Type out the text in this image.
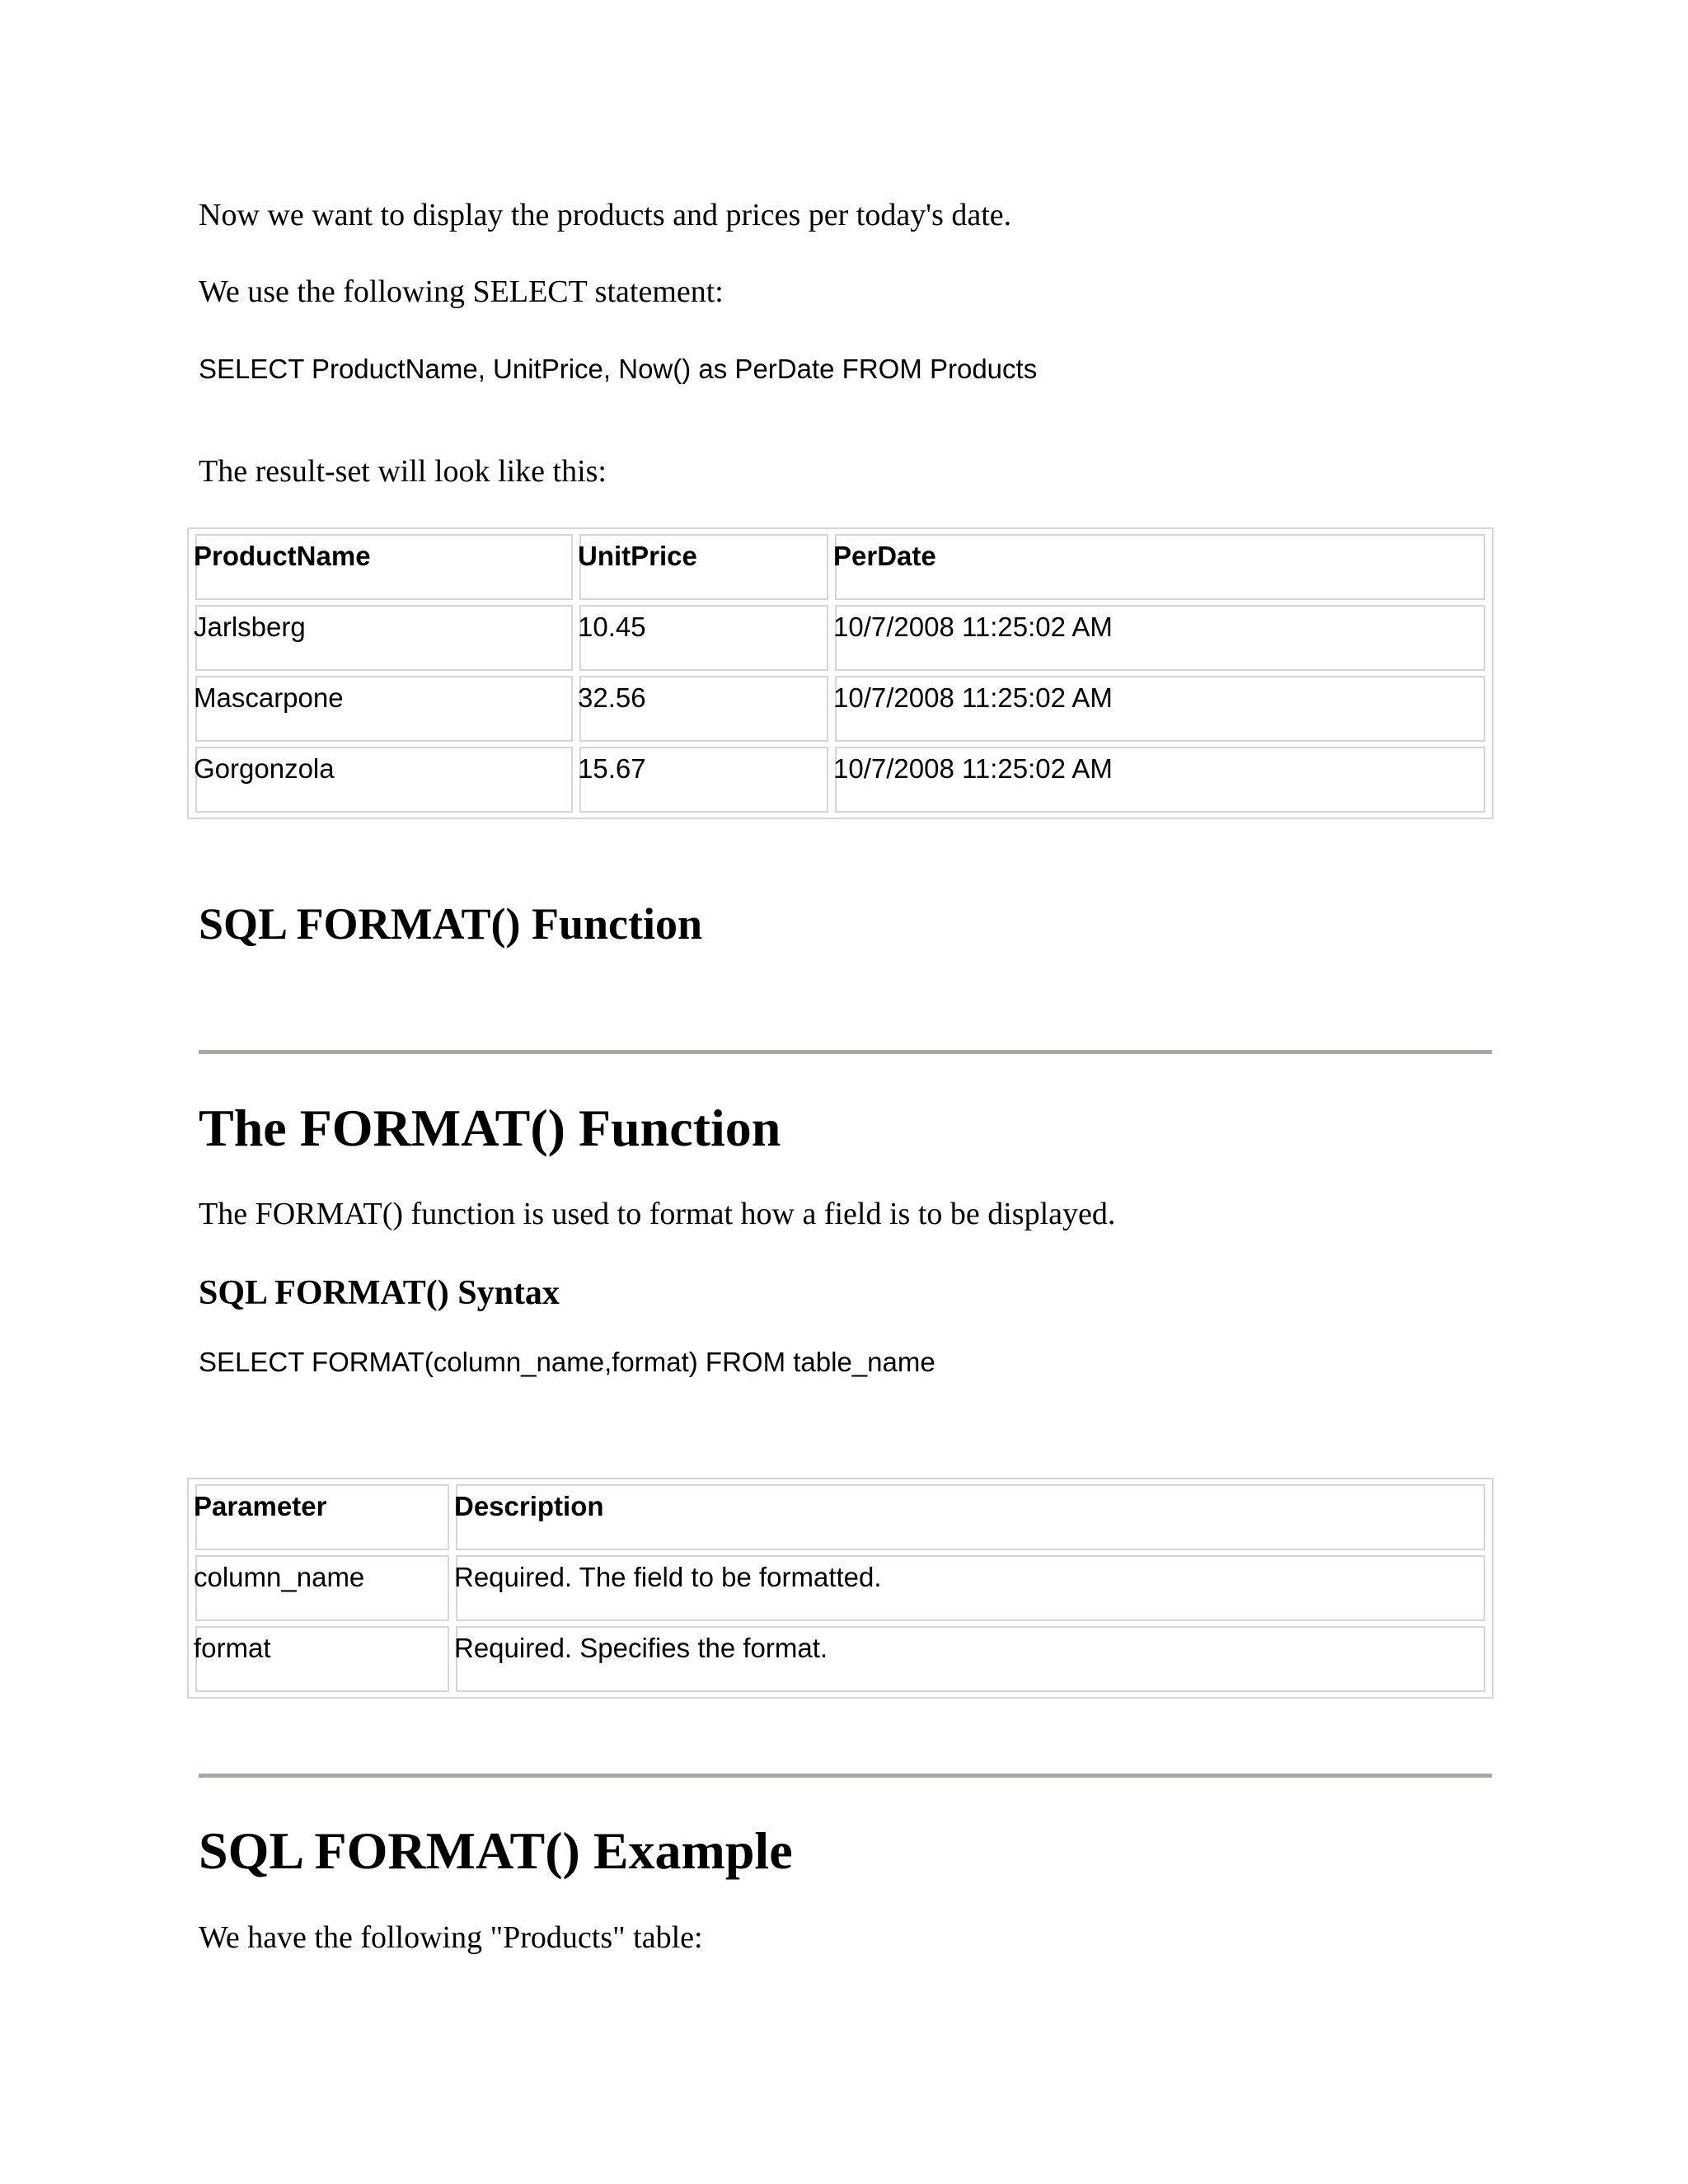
Now we want to display the products and prices per today's date.

We use the following SELECT statement:

SELECT ProductName, UnitPrice, Now() as PerDate FROM Products

The result-set will look like this:

ProductName	UnitPrice	PerDate

Jarlsberg	10.45	10/7/2008 11:25:02 AM

Mascarpone	32.56	10/7/2008 11:25:02 AM

Gorgonzola	15.67	10/7/2008 11:25:02 AM
SQL FORMAT() Function
The FORMAT() Function

The FORMAT() function is used to format how a field is to be displayed.

SQL FORMAT() Syntax

SELECT FORMAT(column_name,format) FROM table_name

Parameter	Description

column_name	Required. The field to be formatted.

format	Required. Specifies the format.
SQL FORMAT() Example

We have the following "Products" table:
